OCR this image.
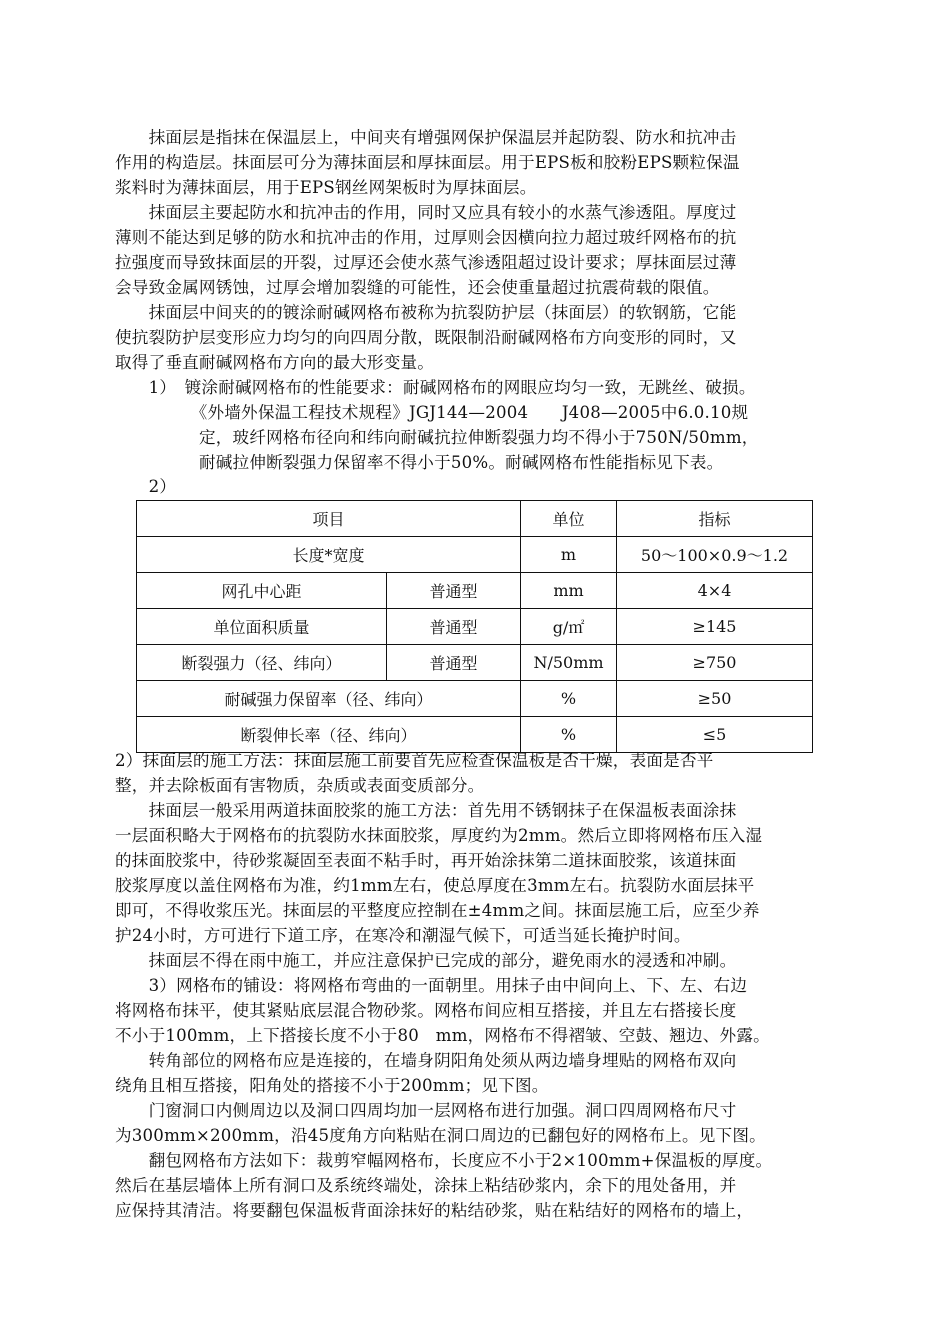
　　抹面层是指抹在保温层上，中间夹有增强网保护保温层并起防裂、防水和抗冲击
作用的构造层。抹面层可分为薄抹面层和厚抹面层。用于EPS板和胶粉EPS颗粒保温
浆料时为薄抹面层，用于EPS钢丝网架板时为厚抹面层。
　　抹面层主要起防水和抗冲击的作用，同时又应具有较小的水蒸气渗透阻。厚度过
薄则不能达到足够的防水和抗冲击的作用，过厚则会因横向拉力超过玻纤网格布的抗
拉强度而导致抹面层的开裂，过厚还会使水蒸气渗透阻超过设计要求；厚抹面层过薄
会导致金属网锈蚀，过厚会增加裂缝的可能性，还会使重量超过抗震荷载的限值。
　　抹面层中间夹的的镀涂耐碱网格布被称为抗裂防护层（抹面层）的软钢筋，它能
使抗裂防护层变形应力均匀的向四周分散，既限制沿耐碱网格布方向变形的同时，又
取得了垂直耐碱网格布方向的最大形变量。
　　1）　镀涂耐碱网格布的性能要求：耐碱网格布的网眼应均匀一致，无跳丝、破损。
　　　　　《外墙外保温工程技术规程》JGJ144—2004　　J408—2005中6.0.10规
　　　　　定，玻纤网格布径向和纬向耐碱抗拉伸断裂强力均不得小于750N/50mm，
　　　　　耐碱拉伸断裂强力保留率不得小于50%。耐碱网格布性能指标见下表。
　　2）
项目		单位	指标
长度*宽度		m	50～100×0.9～1.2
网孔中心距	普通型	mm	4×4
单位面积质量	普通型	g/㎡	≥145
断裂强力（径、纬向）	普通型	N/50mm	≥750
耐碱强力保留率（径、纬向）		%	≥50
断裂伸长率（径、纬向）		%	≤5
2）抹面层的施工方法：抹面层施工前要首先应检查保温板是否干燥，表面是否平
整，并去除板面有害物质，杂质或表面变质部分。
　　抹面层一般采用两道抹面胶浆的施工方法：首先用不锈钢抹子在保温板表面涂抹
一层面积略大于网格布的抗裂防水抹面胶浆，厚度约为2mm。然后立即将网格布压入湿
的抹面胶浆中，待砂浆凝固至表面不粘手时，再开始涂抹第二道抹面胶浆，该道抹面
胶浆厚度以盖住网格布为准，约1mm左右，使总厚度在3mm左右。抗裂防水面层抹平
即可，不得收浆压光。抹面层的平整度应控制在±4mm之间。抹面层施工后，应至少养
护24小时，方可进行下道工序，在寒冷和潮湿气候下，可适当延长掩护时间。
　　抹面层不得在雨中施工，并应注意保护已完成的部分，避免雨水的浸透和冲刷。
　　3）网格布的铺设：将网格布弯曲的一面朝里。用抹子由中间向上、下、左、右边
将网格布抹平，使其紧贴底层混合物砂浆。网格布间应相互搭接，并且左右搭接长度
不小于100mm，上下搭接长度不小于80　mm，网格布不得褶皱、空鼓、翘边、外露。
　　转角部位的网格布应是连接的，在墙身阴阳角处须从两边墙身埋贴的网格布双向
绕角且相互搭接，阳角处的搭接不小于200mm；见下图。
　　门窗洞口内侧周边以及洞口四周均加一层网格布进行加强。洞口四周网格布尺寸
为300mm×200mm，沿45度角方向粘贴在洞口周边的已翻包好的网格布上。见下图。
　　翻包网格布方法如下：裁剪窄幅网格布，长度应不小于2×100mm+保温板的厚度。
然后在基层墙体上所有洞口及系统终端处，涂抹上粘结砂浆内，余下的甩处备用，并
应保持其清洁。将要翻包保温板背面涂抹好的粘结砂浆，贴在粘结好的网格布的墙上，
